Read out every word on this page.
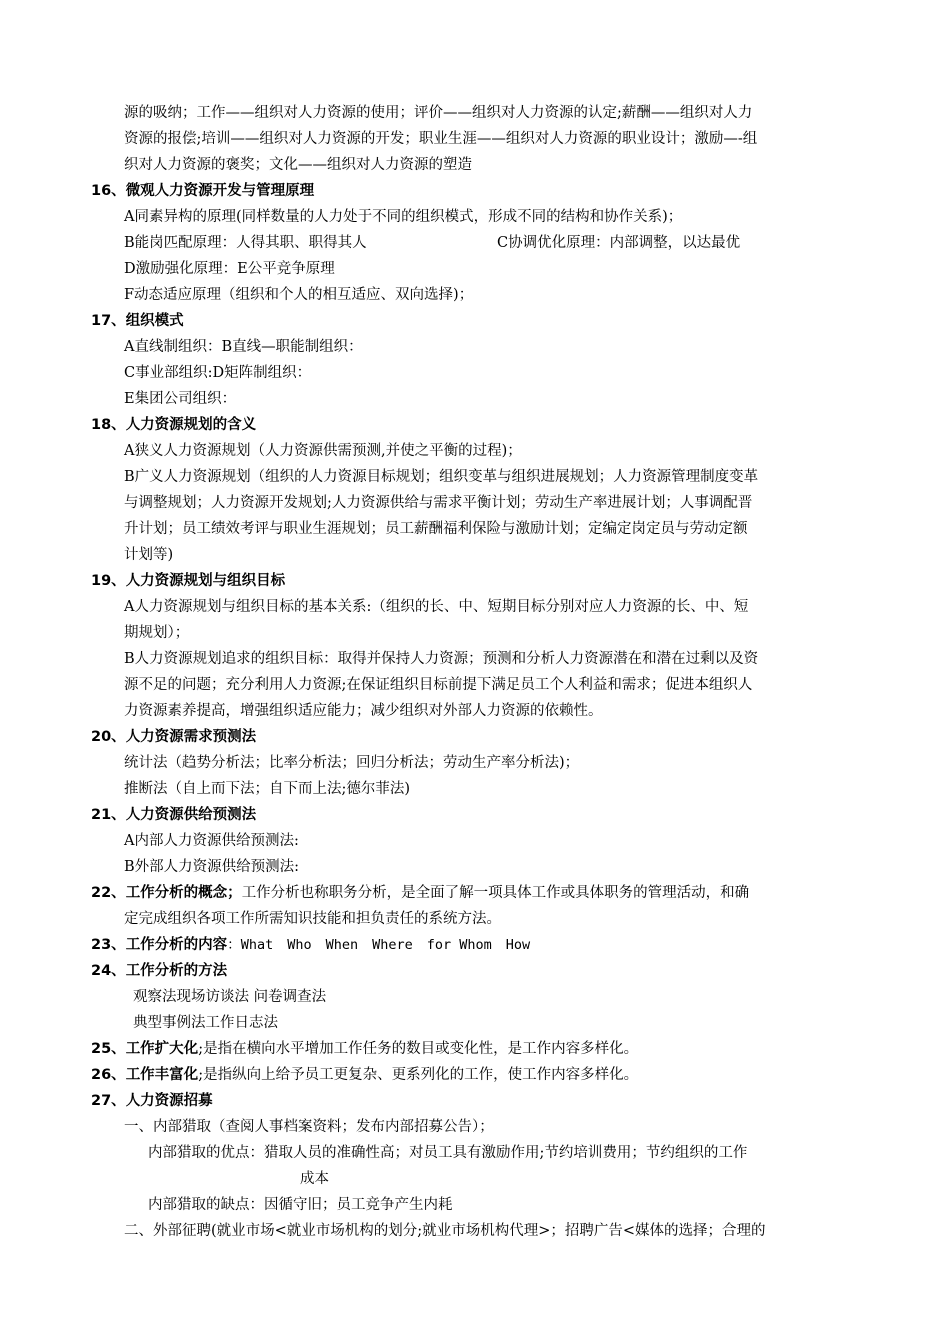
源的吸纳；工作——组织对人力资源的使用；评价——组织对人力资源的认定;薪酬——组织对人力
资源的报偿;培训——组织对人力资源的开发；职业生涯——组织对人力资源的职业设计；激励—-组
织对人力资源的褒奖；文化——组织对人力资源的塑造
16、微观人力资源开发与管理原理
A同素异构的原理(同样数量的人力处于不同的组织模式，形成不同的结构和协作关系)；
B能岗匹配原理：人得其职、职得其人	C协调优化原理：内部调整，以达最优
D激励强化原理：E公平竞争原理
F动态适应原理（组织和个人的相互适应、双向选择)；
17、组织模式
A直线制组织：B直线—职能制组织：
C事业部组织:D矩阵制组织：
E集团公司组织：
18、人力资源规划的含义
A狭义人力资源规划（人力资源供需预测,并使之平衡的过程)；
B广义人力资源规划（组织的人力资源目标规划；组织变革与组织进展规划；人力资源管理制度变革
与调整规划；人力资源开发规划;人力资源供给与需求平衡计划；劳动生产率进展计划；人事调配晋
升计划；员工绩效考评与职业生涯规划；员工薪酬福利保险与激励计划；定编定岗定员与劳动定额
计划等)
19、人力资源规划与组织目标
A人力资源规划与组织目标的基本关系:（组织的长、中、短期目标分别对应人力资源的长、中、短
期规划）；
B人力资源规划追求的组织目标：取得并保持人力资源；预测和分析人力资源潜在和潜在过剩以及资
源不足的问题；充分利用人力资源;在保证组织目标前提下满足员工个人利益和需求；促进本组织人
力资源素养提高，增强组织适应能力；减少组织对外部人力资源的依赖性。
20、人力资源需求预测法
统计法（趋势分析法；比率分析法；回归分析法；劳动生产率分析法)；
推断法（自上而下法；自下而上法;德尔菲法)
21、人力资源供给预测法
A内部人力资源供给预测法:
B外部人力资源供给预测法:
22、工作分析的概念；工作分析也称职务分析，是全面了解一项具体工作或具体职务的管理活动，和确
定完成组织各项工作所需知识技能和担负责任的系统方法。
23、工作分析的内容：What Who When Where for Whom How
24、工作分析的方法
观察法现场访谈法 问卷调查法
典型事例法工作日志法
25、工作扩大化;是指在横向水平增加工作任务的数目或变化性，是工作内容多样化。
26、工作丰富化;是指纵向上给予员工更复杂、更系列化的工作，使工作内容多样化。
27、人力资源招募
一、内部猎取（查阅人事档案资料；发布内部招募公告）；
内部猎取的优点：猎取人员的准确性高；对员工具有激励作用;节约培训费用；节约组织的工作
成本
内部猎取的缺点：因循守旧；员工竞争产生内耗
二、外部征聘(就业市场<就业市场机构的划分;就业市场机构代理>；招聘广告<媒体的选择；合理的
